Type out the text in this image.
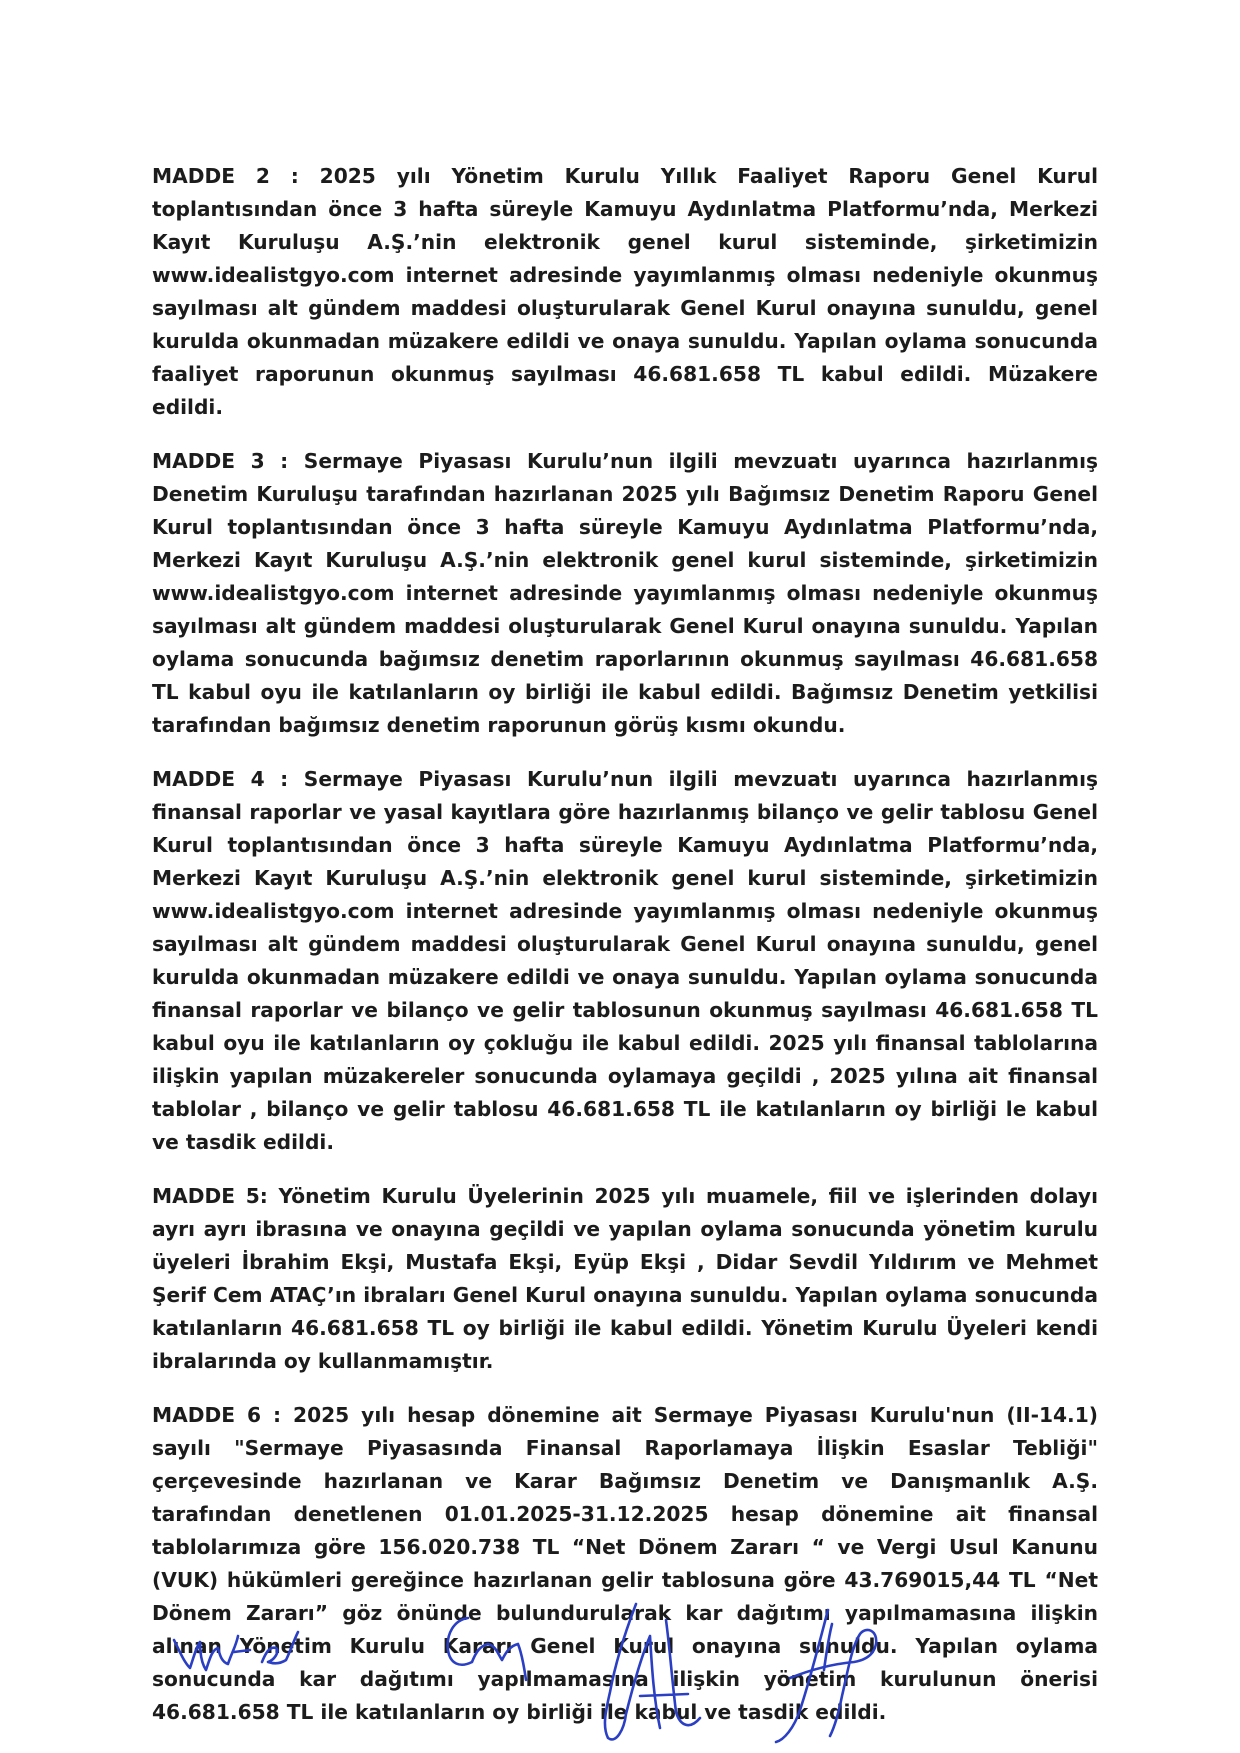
MADDE 2 : 2025 yılı Yönetim Kurulu Yıllık Faaliyet Raporu Genel Kurul toplantısından önce 3 hafta süreyle Kamuyu Aydınlatma Platformu’nda, Merkezi Kayıt Kuruluşu A.Ş.’nin elektronik genel kurul sisteminde, şirketimizin www.idealistgyo.com internet adresinde yayımlanmış olması nedeniyle okunmuş sayılması alt gündem maddesi oluşturularak Genel Kurul onayına sunuldu, genel kurulda okunmadan müzakere edildi ve onaya sunuldu. Yapılan oylama sonucunda faaliyet raporunun okunmuş sayılması 46.681.658 TL kabul edildi. Müzakere edildi.

MADDE 3 : Sermaye Piyasası Kurulu’nun ilgili mevzuatı uyarınca hazırlanmış Denetim Kuruluşu tarafından hazırlanan 2025 yılı Bağımsız Denetim Raporu Genel Kurul toplantısından önce 3 hafta süreyle Kamuyu Aydınlatma Platformu’nda, Merkezi Kayıt Kuruluşu A.Ş.’nin elektronik genel kurul sisteminde, şirketimizin www.idealistgyo.com internet adresinde yayımlanmış olması nedeniyle okunmuş sayılması alt gündem maddesi oluşturularak Genel Kurul onayına sunuldu. Yapılan oylama sonucunda bağımsız denetim raporlarının okunmuş sayılması 46.681.658 TL kabul oyu ile katılanların oy birliği ile kabul edildi. Bağımsız Denetim yetkilisi tarafından bağımsız denetim raporunun görüş kısmı okundu.

MADDE 4 : Sermaye Piyasası Kurulu’nun ilgili mevzuatı uyarınca hazırlanmış finansal raporlar ve yasal kayıtlara göre hazırlanmış bilanço ve gelir tablosu Genel Kurul toplantısından önce 3 hafta süreyle Kamuyu Aydınlatma Platformu’nda, Merkezi Kayıt Kuruluşu A.Ş.’nin elektronik genel kurul sisteminde, şirketimizin www.idealistgyo.com internet adresinde yayımlanmış olması nedeniyle okunmuş sayılması alt gündem maddesi oluşturularak Genel Kurul onayına sunuldu, genel kurulda okunmadan müzakere edildi ve onaya sunuldu. Yapılan oylama sonucunda finansal raporlar ve bilanço ve gelir tablosunun okunmuş sayılması 46.681.658 TL kabul oyu ile katılanların oy çokluğu ile kabul edildi. 2025 yılı finansal tablolarına ilişkin yapılan müzakereler sonucunda oylamaya geçildi , 2025 yılına ait finansal tablolar , bilanço ve gelir tablosu 46.681.658 TL ile katılanların oy birliği le kabul ve tasdik edildi.

MADDE 5: Yönetim Kurulu Üyelerinin 2025 yılı muamele, fiil ve işlerinden dolayı ayrı ayrı ibrasına ve onayına geçildi ve yapılan oylama sonucunda yönetim kurulu üyeleri İbrahim Ekşi, Mustafa Ekşi, Eyüp Ekşi , Didar Sevdil Yıldırım ve Mehmet Şerif Cem ATAÇ’ın ibraları Genel Kurul onayına sunuldu. Yapılan oylama sonucunda katılanların 46.681.658 TL oy birliği ile kabul edildi. Yönetim Kurulu Üyeleri kendi ibralarında oy kullanmamıştır.

MADDE 6 : 2025 yılı hesap dönemine ait Sermaye Piyasası Kurulu'nun (II-14.1) sayılı "Sermaye Piyasasında Finansal Raporlamaya İlişkin Esaslar Tebliği" çerçevesinde hazırlanan ve Karar Bağımsız Denetim ve Danışmanlık A.Ş. tarafından denetlenen 01.01.2025-31.12.2025 hesap dönemine ait finansal tablolarımıza göre 156.020.738 TL “Net Dönem Zararı “ ve Vergi Usul Kanunu (VUK) hükümleri gereğince hazırlanan gelir tablosuna göre 43.769015,44 TL “Net Dönem Zararı” göz önünde bulundurularak kar dağıtımı yapılmamasına ilişkin alınan Yönetim Kurulu Kararı Genel Kurul onayına sunuldu. Yapılan oylama sonucunda kar dağıtımı yapılmamasına ilişkin yönetim kurulunun önerisi 46.681.658 TL ile katılanların oy birliği ile kabul ve tasdik edildi.
